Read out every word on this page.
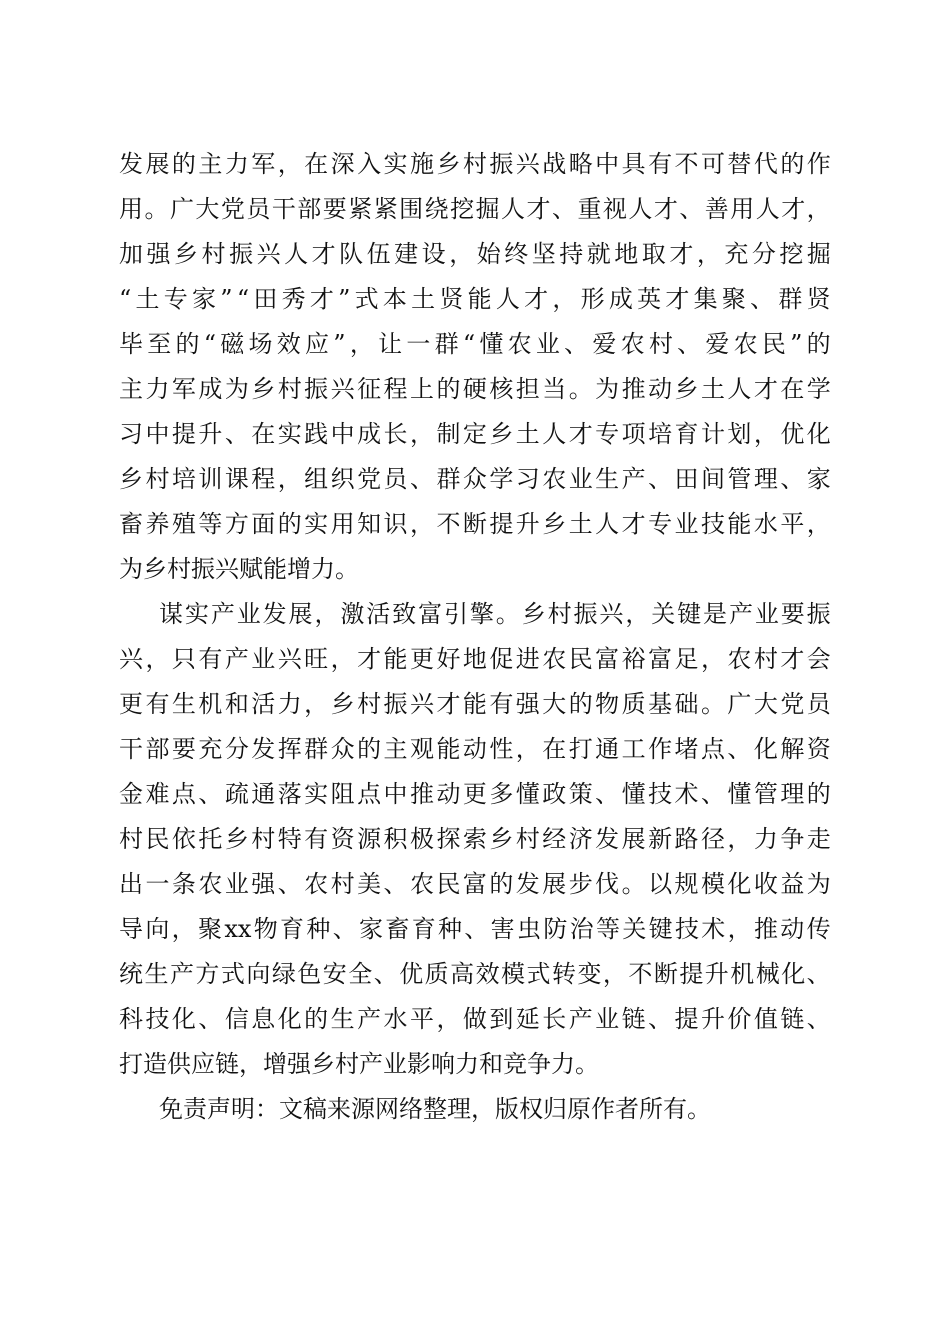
发 展 的 主 力 军 ， 在 深 入 实 施 乡 村 振 兴 战 略 中 具 有 不 可 替 代 的 作
用 。 广 大 党 员 干 部 要 紧 紧 围 绕 挖 掘 人 才 、 重 视 人 才 、 善 用 人 才 ，
加 强 乡 村 振 兴 人 才 队 伍 建 设 ， 始 终 坚 持 就 地 取 才 ， 充 分 挖 掘
“ 土 专 家 ” “ 田 秀 才 ” 式 本 土 贤 能 人 才 ， 形 成 英 才 集 聚 、 群 贤
毕 至 的 “ 磁 场 效 应 ” ， 让 一 群 “ 懂 农 业 、 爱 农 村 、 爱 农 民 ” 的
主 力 军 成 为 乡 村 振 兴 征 程 上 的 硬 核 担 当 。 为 推 动 乡 土 人 才 在 学
习 中 提 升 、 在 实 践 中 成 长 ， 制 定 乡 土 人 才 专 项 培 育 计 划 ， 优 化
乡 村 培 训 课 程 ， 组 织 党 员 、 群 众 学 习 农 业 生 产 、 田 间 管 理 、 家
畜 养 殖 等 方 面 的 实 用 知 识 ， 不 断 提 升 乡 土 人 才 专 业 技 能 水 平 ，
为乡村振兴赋能增力。
谋 实 产 业 发 展 ， 激 活 致 富 引 擎 。 乡 村 振 兴 ， 关 键 是 产 业 要 振
兴 ， 只 有 产 业 兴 旺 ， 才 能 更 好 地 促 进 农 民 富 裕 富 足 ， 农 村 才 会
更 有 生 机 和 活 力 ， 乡 村 振 兴 才 能 有 强 大 的 物 质 基 础 。 广 大 党 员
干 部 要 充 分 发 挥 群 众 的 主 观 能 动 性 ， 在 打 通 工 作 堵 点 、 化 解 资
金 难 点 、 疏 通 落 实 阻 点 中 推 动 更 多 懂 政 策 、 懂 技 术 、 懂 管 理 的
村 民 依 托 乡 村 特 有 资 源 积 极 探 索 乡 村 经 济 发 展 新 路 径 ， 力 争 走
出 一 条 农 业 强 、 农 村 美 、 农 民 富 的 发 展 步 伐 。 以 规 模 化 收 益 为
导 向 ， 聚 xx 物 育 种 、 家 畜 育 种 、 害 虫 防 治 等 关 键 技 术 ， 推 动 传
统 生 产 方 式 向 绿 色 安 全 、 优 质 高 效 模 式 转 变 ， 不 断 提 升 机 械 化 、
科 技 化 、 信 息 化 的 生 产 水 平 ， 做 到 延 长 产 业 链 、 提 升 价 值 链 、
打造供应链，增强乡村产业影响力和竞争力。
免责声明：文稿来源网络整理，版权归原作者所有。
